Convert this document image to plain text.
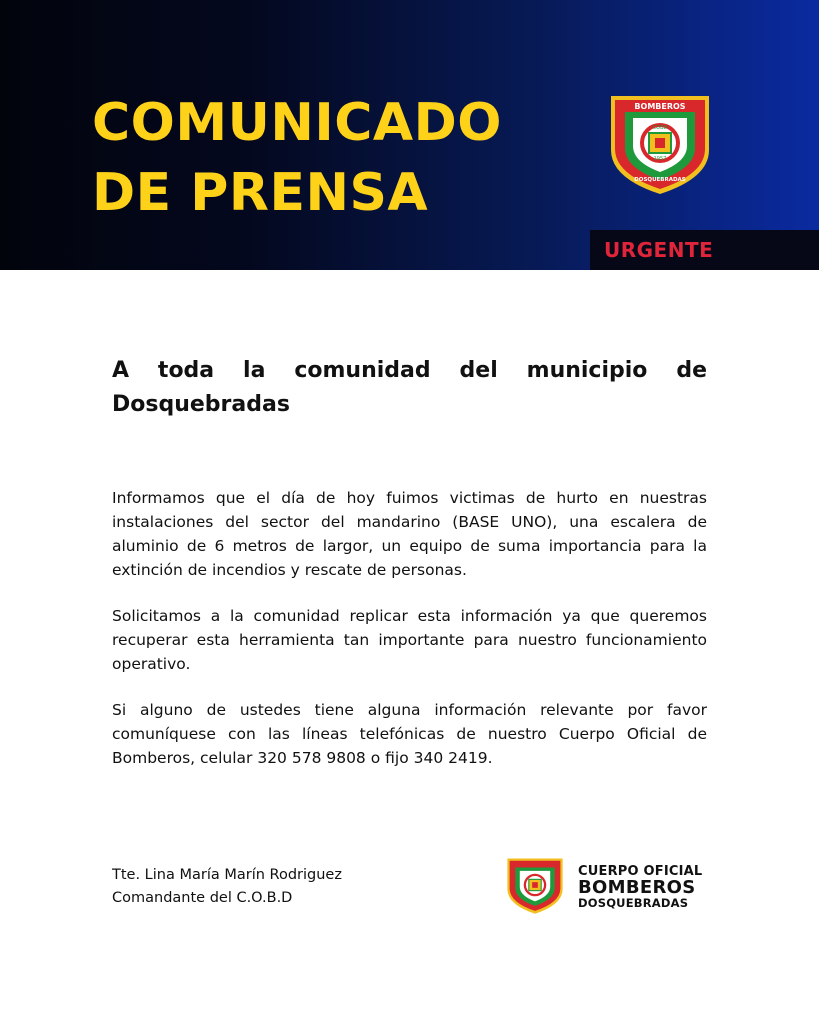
COMUNICADO
DE PRENSA
BOMBEROS
COBD
1957
DOSQUEBRADAS
URGENTE
A toda la comunidad del municipio de Dosquebradas
Informamos que el día de hoy fuimos victimas de hurto en nuestras instalaciones del sector del mandarino (BASE UNO), una escalera de aluminio de 6 metros de largor, un equipo de suma importancia para la extinción de incendios y rescate de personas.
Solicitamos a la comunidad replicar esta información ya que queremos recuperar esta herramienta tan importante para nuestro funcionamiento operativo.
Si alguno de ustedes tiene alguna información relevante por favor comuníquese con las líneas telefónicas de nuestro Cuerpo Oficial de Bomberos, celular 320 578 9808 o fijo 340 2419.
Tte. Lina María Marín Rodriguez
Comandante del C.O.B.D
CUERPO OFICIAL
BOMBEROS
DOSQUEBRADAS
